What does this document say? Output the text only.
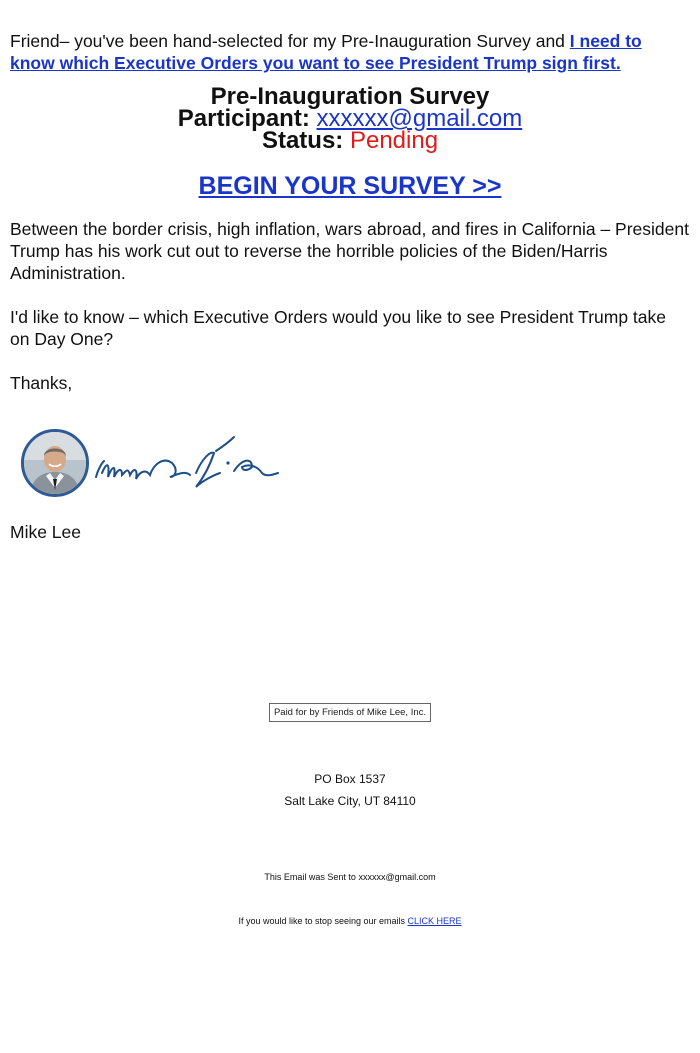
Friend– you've been hand-selected for my Pre-Inauguration Survey and I need to know which Executive Orders you want to see President Trump sign first.

Pre-Inauguration Survey
Participant: xxxxxx@gmail.com
Status: Pending
BEGIN YOUR SURVEY >>

Between the border crisis, high inflation, wars abroad, and fires in California – President Trump has his work cut out to reverse the horrible policies of the Biden/Harris Administration.

I'd like to know – which Executive Orders would you like to see President Trump take on Day One?

Thanks,

Mike Lee
Paid for by Friends of Mike Lee, Inc.
PO Box 1537
Salt Lake City, UT 84110
This Email was Sent to xxxxxx@gmail.com
If you would like to stop seeing our emails CLICK HERE
